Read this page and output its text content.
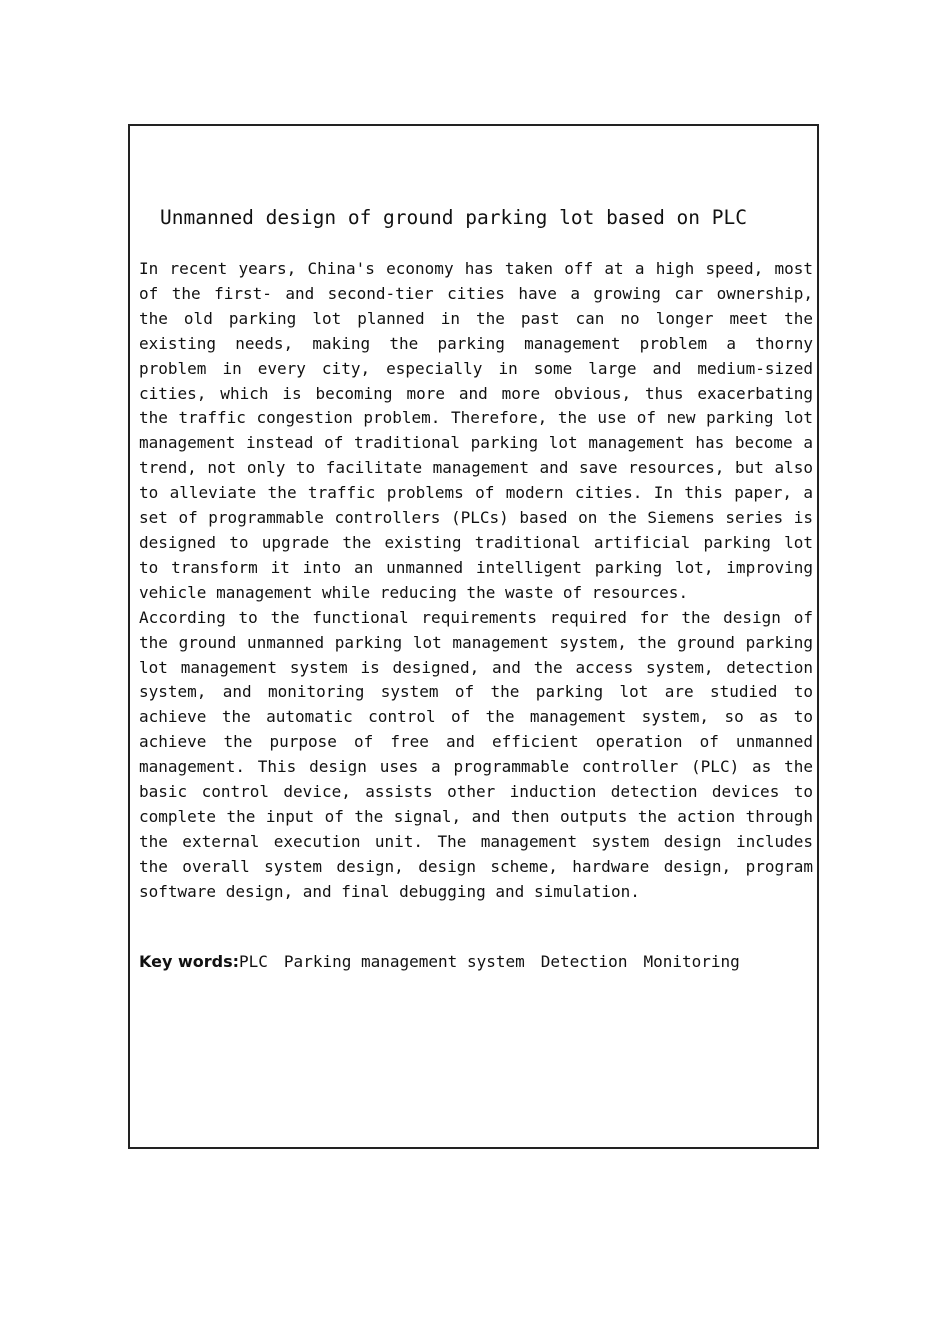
Unmanned design of ground parking lot based on PLC

In recent years, China's economy has taken off at a high speed, most of the first- and second-tier cities have a growing car ownership, the old parking lot planned in the past can no longer meet the existing needs, making the parking management problem a thorny problem in every city, especially in some large and medium-sized cities, which is becoming more and more obvious, thus exacerbating the traffic congestion problem. Therefore, the use of new parking lot management instead of traditional parking lot management has become a trend, not only to facilitate management and save resources, but also to alleviate the traffic problems of modern cities. In this paper, a set of programmable controllers (PLCs) based on the Siemens series is designed to upgrade the existing traditional artificial parking lot to transform it into an unmanned intelligent parking lot, improving vehicle management while reducing the waste of resources.

According to the functional requirements required for the design of the ground unmanned parking lot management system, the ground parking lot management system is designed, and the access system, detection system, and monitoring system of the parking lot are studied to achieve the automatic control of the management system, so as to achieve the purpose of free and efficient operation of unmanned management. This design uses a programmable controller (PLC) as the basic control device, assists other induction detection devices to complete the input of the signal, and then outputs the action through the external execution unit. The management system design includes the overall system design, design scheme, hardware design, program software design, and final debugging and simulation.

Key words:PLC Parking management system Detection Monitoring
